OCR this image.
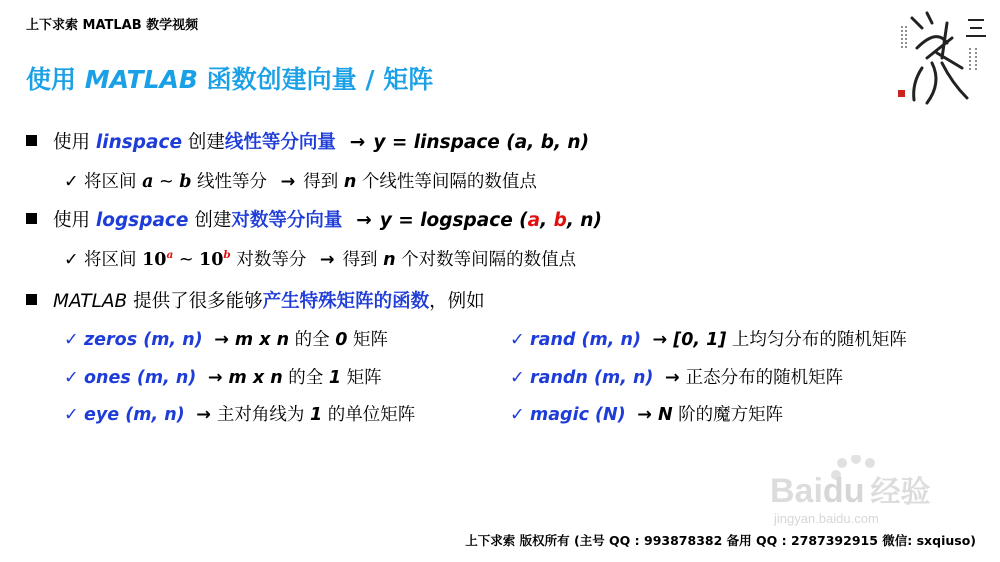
上下求索 MATLAB 教学视频
使用 MATLAB 函数创建向量 / 矩阵
使用 linspace 创建线性等分向量 → y = linspace (a, b, n)
✓ 将区间 a ~ b 线性等分 → 得到 n 个线性等间隔的数值点
使用 logspace 创建对数等分向量 → y = logspace (a, b, n)
✓ 将区间 10$^a$ ~ 10$^b$ 对数等分 → 得到 n 个对数等间隔的数值点
MATLAB 提供了很多能够产生特殊矩阵的函数，例如
✓ zeros (m, n) → m x n 的全 0 矩阵
✓ ones (m, n) → m x n 的全 1 矩阵
✓ eye (m, n) → 主对角线为 1 的单位矩阵
✓ rand (m, n) → [0, 1] 上均匀分布的随机矩阵
✓ randn (m, n) → 正态分布的随机矩阵
✓ magic (N) → N 阶的魔方矩阵
Baidu 经验
jingyan.baidu.com
上下求索 版权所有 (主号 QQ : 993878382 备用 QQ : 2787392915 微信: sxqiuso)
